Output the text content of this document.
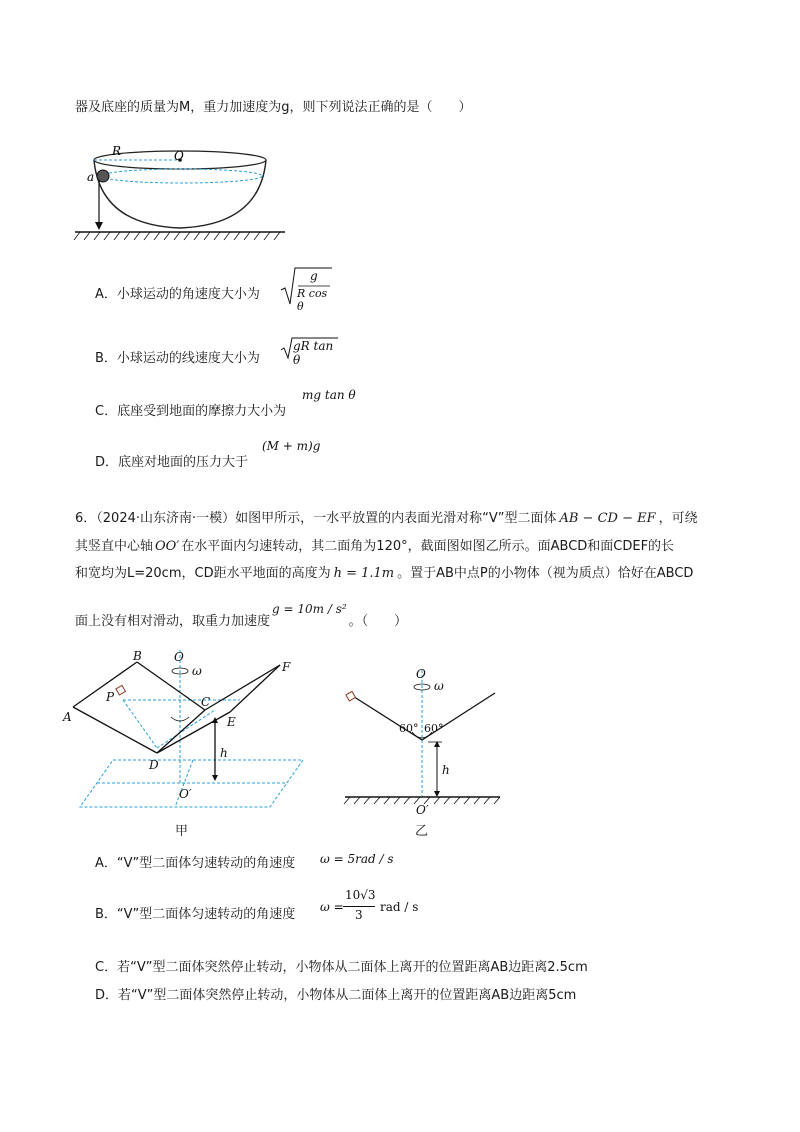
器及底座的质量为M，重力加速度为g，则下列说法正确的是（　　）
R	O
a
A．小球运动的角速度大小为
g
R cos θ
B．小球运动的线速度大小为
gR tan θ
C．底座受到地面的摩擦力大小为
mg tan θ
D．底座对地面的压力大于
(M + m)g
6．（2024·山东济南·一模）如图甲所示，一水平放置的内表面光滑对称“V”型二面体 AB − CD − EF ，可绕
其竖直中心轴 OO′ 在水平面内匀速转动，其二面角为120°，截面图如图乙所示。面ABCD和面CDEF的长
和宽均为L=20cm，CD距水平地面的高度为 h = 1.1m 。置于AB中点P的小物体（视为质点）恰好在ABCD
面上没有相对滑动，取重力加速度g = 10m / s²。（　　）
A
B
C
D
E
F
P
O
ω
h
O′
甲
O
ω
h
O′
60° 60°
乙
A．“V”型二面体匀速转动的角速度 ω = 5rad / s
B．“V”型二面体匀速转动的角速度 ω =
10√3
3
rad / s
C．若“V”型二面体突然停止转动，小物体从二面体上离开的位置距离AB边距离2.5cm
D．若“V”型二面体突然停止转动，小物体从二面体上离开的位置距离AB边距离5cm
